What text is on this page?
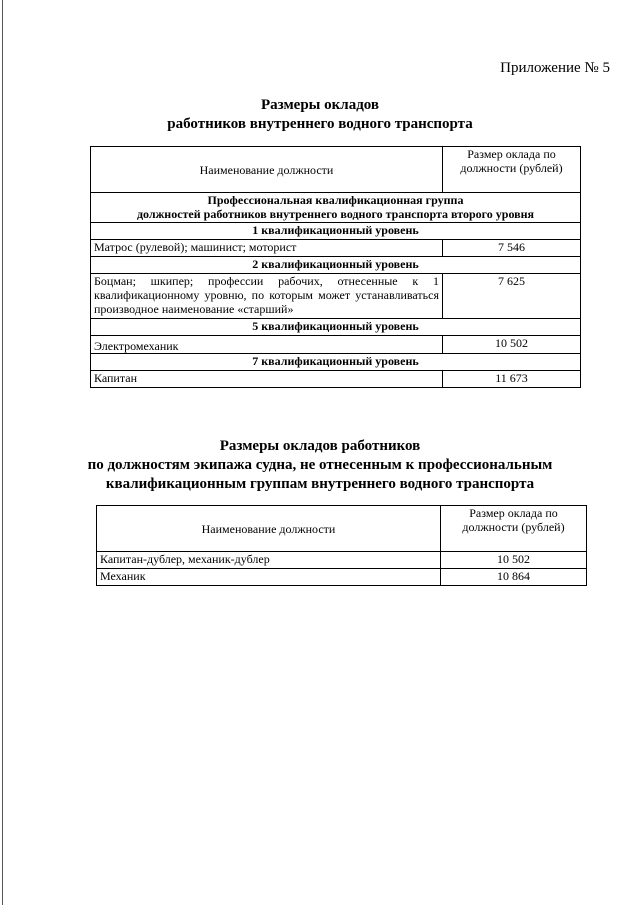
Приложение № 5
Размеры окладов
работников внутреннего водного транспорта
Наименование должности	Размер оклада по должности (рублей)

Профессиональная квалификационная группа
должностей работников внутреннего водного транспорта второго уровня	

1 квалификационный уровень	
Матрос (рулевой); машинист; моторист	7 546
2 квалификационный уровень	
Боцман; шкипер; профессии рабочих, отнесенные к 1 квалификационному уровню, по которым может устанавливаться производное наименование «старший»	7 625
5 квалификационный уровень	
Электромеханик	10 502
7 квалификационный уровень	
Капитан	11 673
Размеры окладов работников
по должностям экипажа судна, не отнесенным к профессиональным
квалификационным группам внутреннего водного транспорта
Наименование должности	Размер оклада по должности (рублей)
Капитан-дублер, механик-дублер	10 502
Механик	10 864
